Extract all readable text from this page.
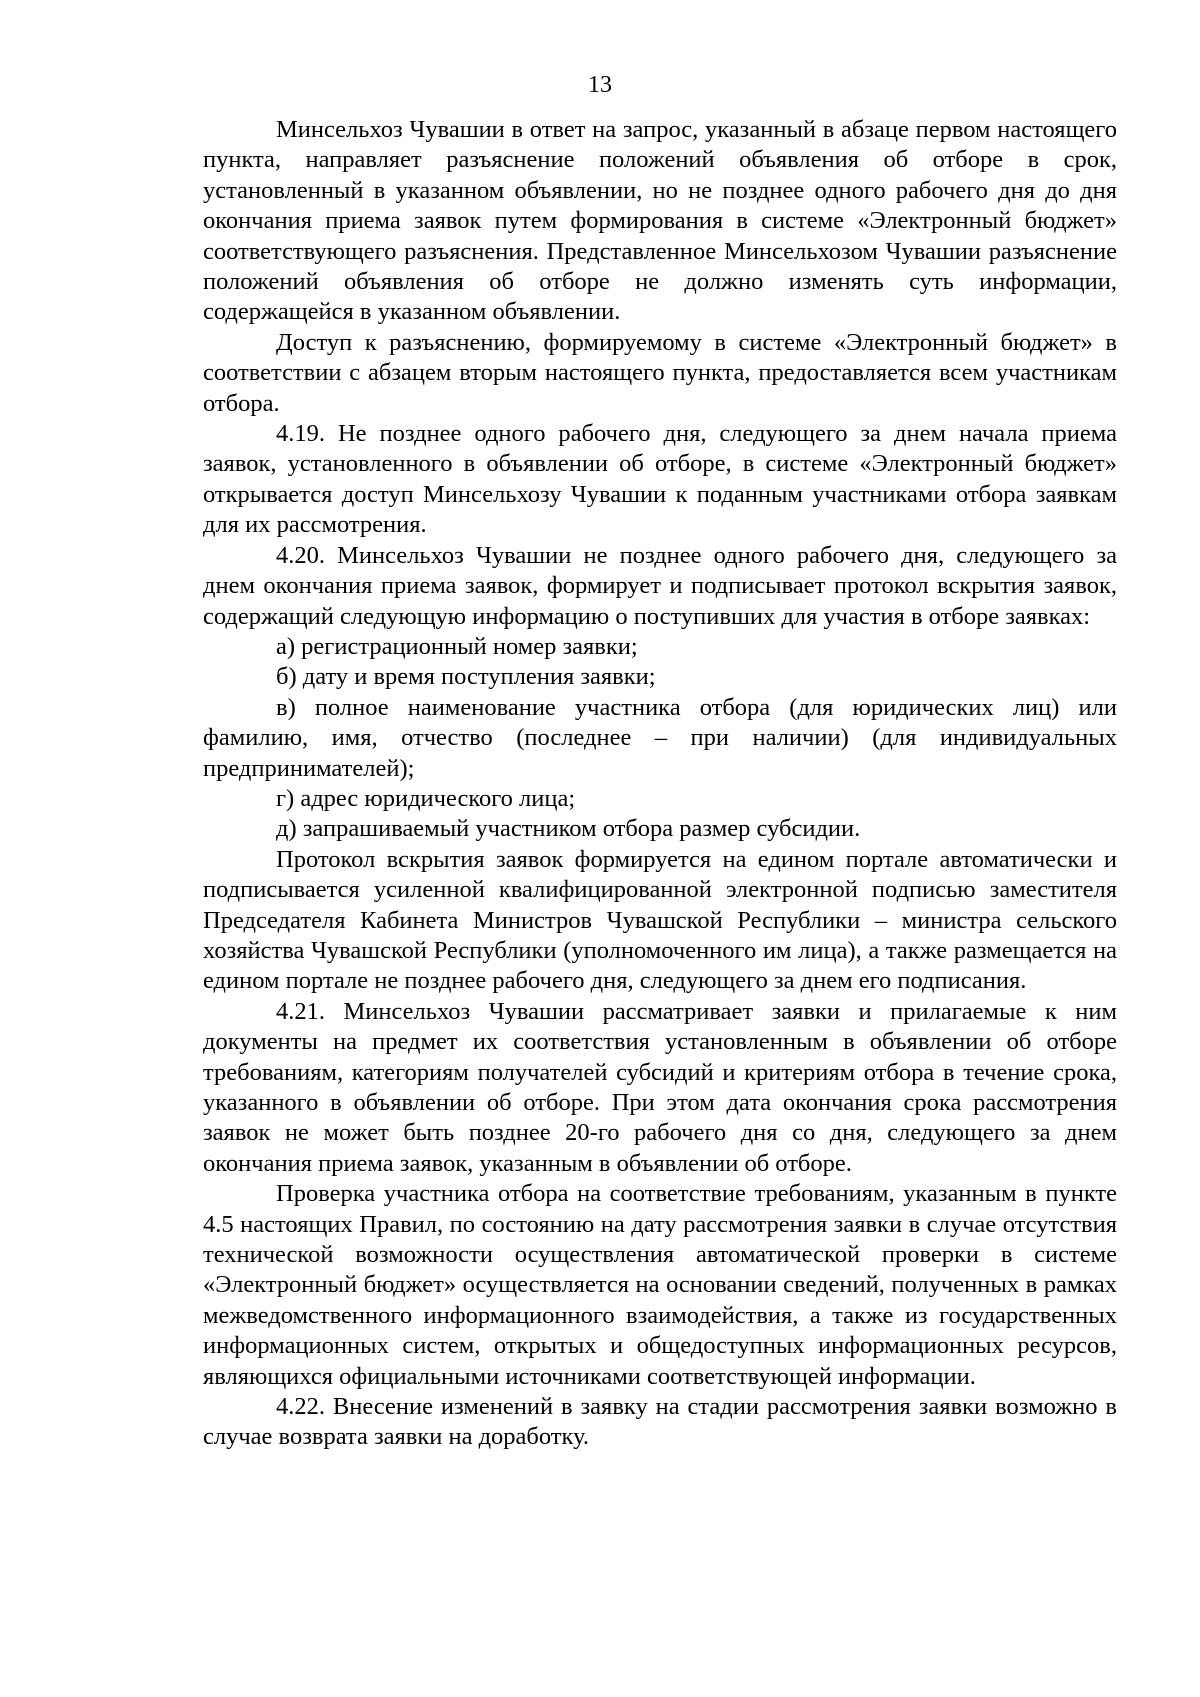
13

Минсельхоз Чувашии в ответ на запрос, указанный в абзаце первом настоящего пункта, направляет разъяснение положений объявления об отборе в срок, установленный в указанном объявлении, но не позднее одного рабочего дня до дня окончания приема заявок путем формирования в системе «Электронный бюджет» соответствующего разъяснения. Представленное Минсельхозом Чувашии разъяснение положений объявления об отборе не должно изменять суть информации, содержащейся в указанном объявлении.

Доступ к разъяснению, формируемому в системе «Электронный бюджет» в соответствии с абзацем вторым настоящего пункта, предоставляется всем участникам отбора.

4.19. Не позднее одного рабочего дня, следующего за днем начала приема заявок, установленного в объявлении об отборе, в системе «Электронный бюджет» открывается доступ Минсельхозу Чувашии к поданным участниками отбора заявкам для их рассмотрения.

4.20. Минсельхоз Чувашии не позднее одного рабочего дня, следующего за днем окончания приема заявок, формирует и подписывает протокол вскрытия заявок, содержащий следующую информацию о поступивших для участия в отборе заявках:

а) регистрационный номер заявки;

б) дату и время поступления заявки;

в) полное наименование участника отбора (для юридических лиц) или фамилию, имя, отчество (последнее – при наличии) (для индивидуальных предпринимателей);

г) адрес юридического лица;

д) запрашиваемый участником отбора размер субсидии.

Протокол вскрытия заявок формируется на едином портале автоматически и подписывается усиленной квалифицированной электронной подписью заместителя Председателя Кабинета Министров Чувашской Республики – министра сельского хозяйства Чувашской Республики (уполномоченного им лица), а также размещается на едином портале не позднее рабочего дня, следующего за днем его подписания.

4.21. Минсельхоз Чувашии рассматривает заявки и прилагаемые к ним документы на предмет их соответствия установленным в объявлении об отборе требованиям, категориям получателей субсидий и критериям отбора в течение срока, указанного в объявлении об отборе. При этом дата окончания срока рассмотрения заявок не может быть позднее 20-го рабочего дня со дня, следующего за днем окончания приема заявок, указанным в объявлении об отборе.

Проверка участника отбора на соответствие требованиям, указанным в пункте 4.5 настоящих Правил, по состоянию на дату рассмотрения заявки в случае отсутствия технической возможности осуществления автоматической проверки в системе «Электронный бюджет» осуществляется на основании сведений, полученных в рамках межведомственного информационного взаимодействия, а также из государственных информационных систем, открытых и общедоступных информационных ресурсов, являющихся официальными источниками соответствующей информации.

4.22. Внесение изменений в заявку на стадии рассмотрения заявки возможно в случае возврата заявки на доработку.
